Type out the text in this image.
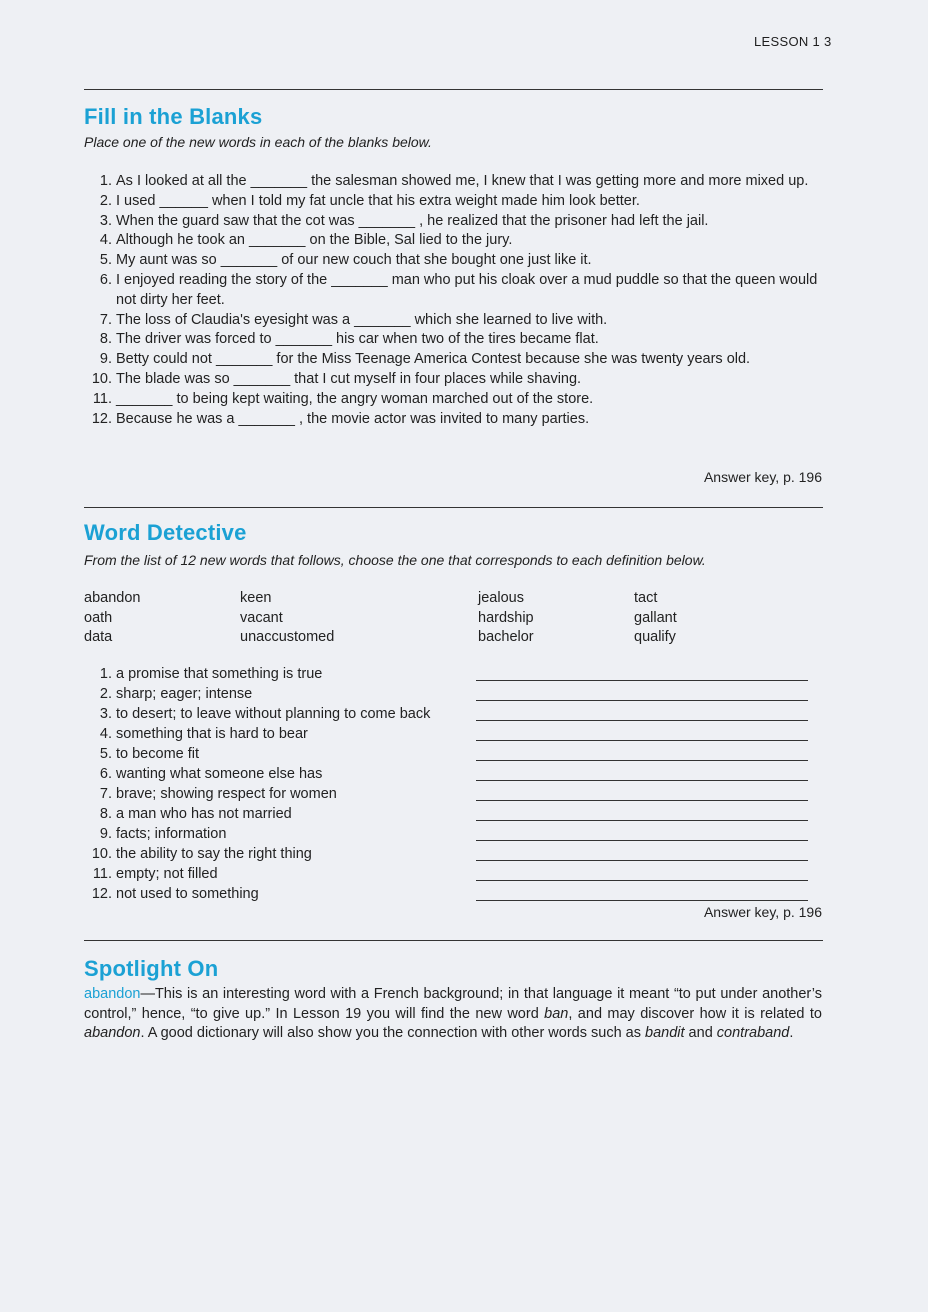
LESSON 1 3
Fill in the Blanks
Place one of the new words in each of the blanks below.
1. As I looked at all the _______ the salesman showed me, I knew that I was getting more and more mixed up.
2. I used ______ when I told my fat uncle that his extra weight made him look better.
3. When the guard saw that the cot was _______ , he realized that the prisoner had left the jail.
4. Although he took an _______ on the Bible, Sal lied to the jury.
5. My aunt was so _______ of our new couch that she bought one just like it.
6. I enjoyed reading the story of the _______ man who put his cloak over a mud puddle so that the queen would not dirty her feet.
7. The loss of Claudia's eyesight was a _______ which she learned to live with.
8. The driver was forced to _______ his car when two of the tires became flat.
9. Betty could not _______ for the Miss Teenage America Contest because she was twenty years old.
10. The blade was so _______ that I cut myself in four places while shaving.
11. _______ to being kept waiting, the angry woman marched out of the store.
12. Because he was a _______ , the movie actor was invited to many parties.
Answer key, p. 196
Word Detective
From the list of 12 new words that follows, choose the one that corresponds to each definition below.
abandon	keen	jealous	tact
oath	vacant	hardship	gallant
data	unaccustomed	bachelor	qualify
1. a promise that something is true
2. sharp; eager; intense
3. to desert; to leave without planning to come back
4. something that is hard to bear
5. to become fit
6. wanting what someone else has
7. brave; showing respect for women
8. a man who has not married
9. facts; information
10. the ability to say the right thing
11. empty; not filled
12. not used to something
Answer key, p. 196
Spotlight On
abandon—This is an interesting word with a French background; in that language it meant “to put under another’s control,” hence, “to give up.” In Lesson 19 you will find the new word ban, and may discover how it is related to abandon. A good dictionary will also show you the connection with other words such as bandit and contraband.
